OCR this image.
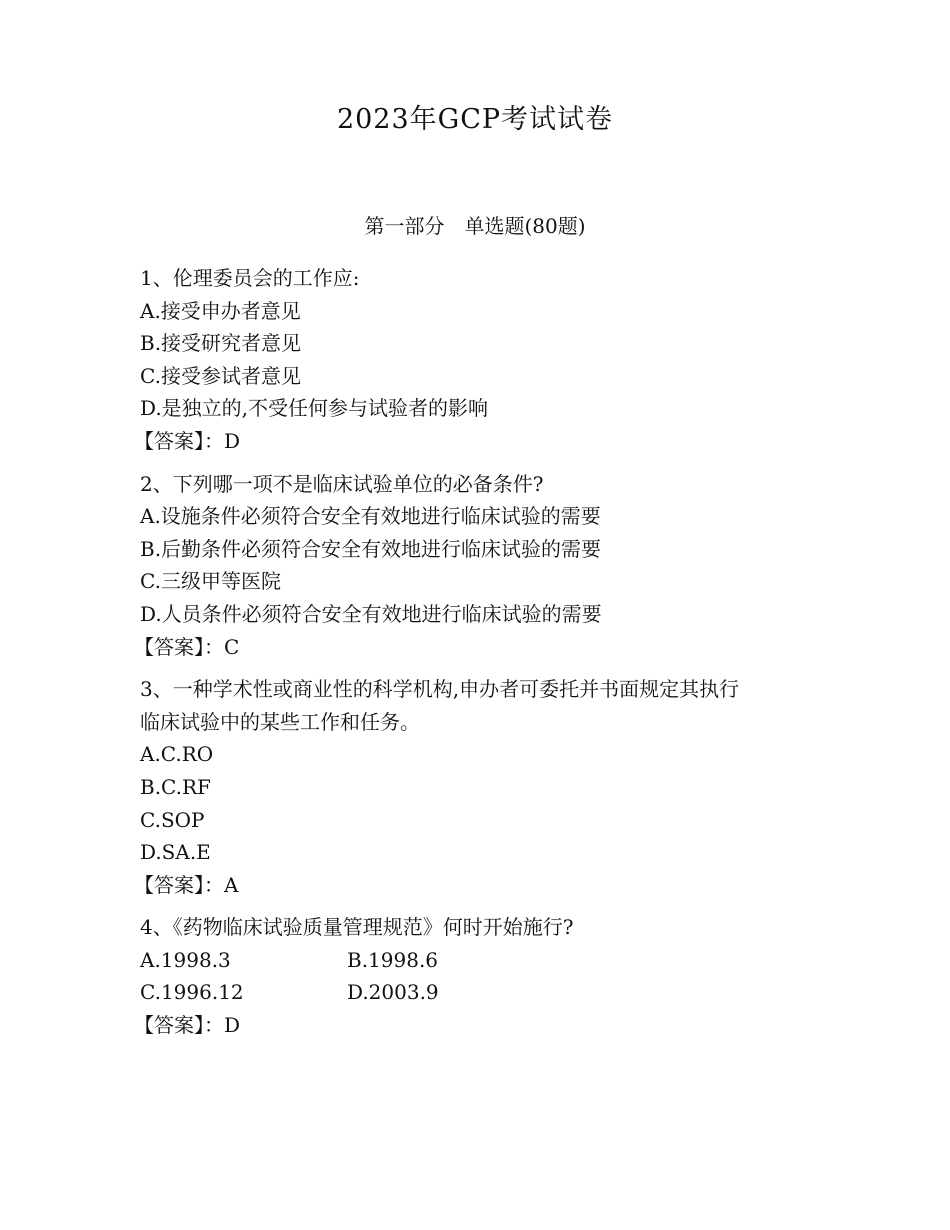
2023年GCP考试试卷
第一部分　单选题(80题)
1、伦理委员会的工作应:
A.接受申办者意见
B.接受研究者意见
C.接受参试者意见
D.是独立的,不受任何参与试验者的影响
【答案】：D
2、下列哪一项不是临床试验单位的必备条件?
A.设施条件必须符合安全有效地进行临床试验的需要
B.后勤条件必须符合安全有效地进行临床试验的需要
C.三级甲等医院
D.人员条件必须符合安全有效地进行临床试验的需要
【答案】：C
3、一种学术性或商业性的科学机构,申办者可委托并书面规定其执行
临床试验中的某些工作和任务。
A.C.RO
B.C.RF
C.SOP
D.SA.E
【答案】：A
4、《药物临床试验质量管理规范》何时开始施行?
A.1998.3	B.1998.6
C.1996.12	D.2003.9
【答案】：D
